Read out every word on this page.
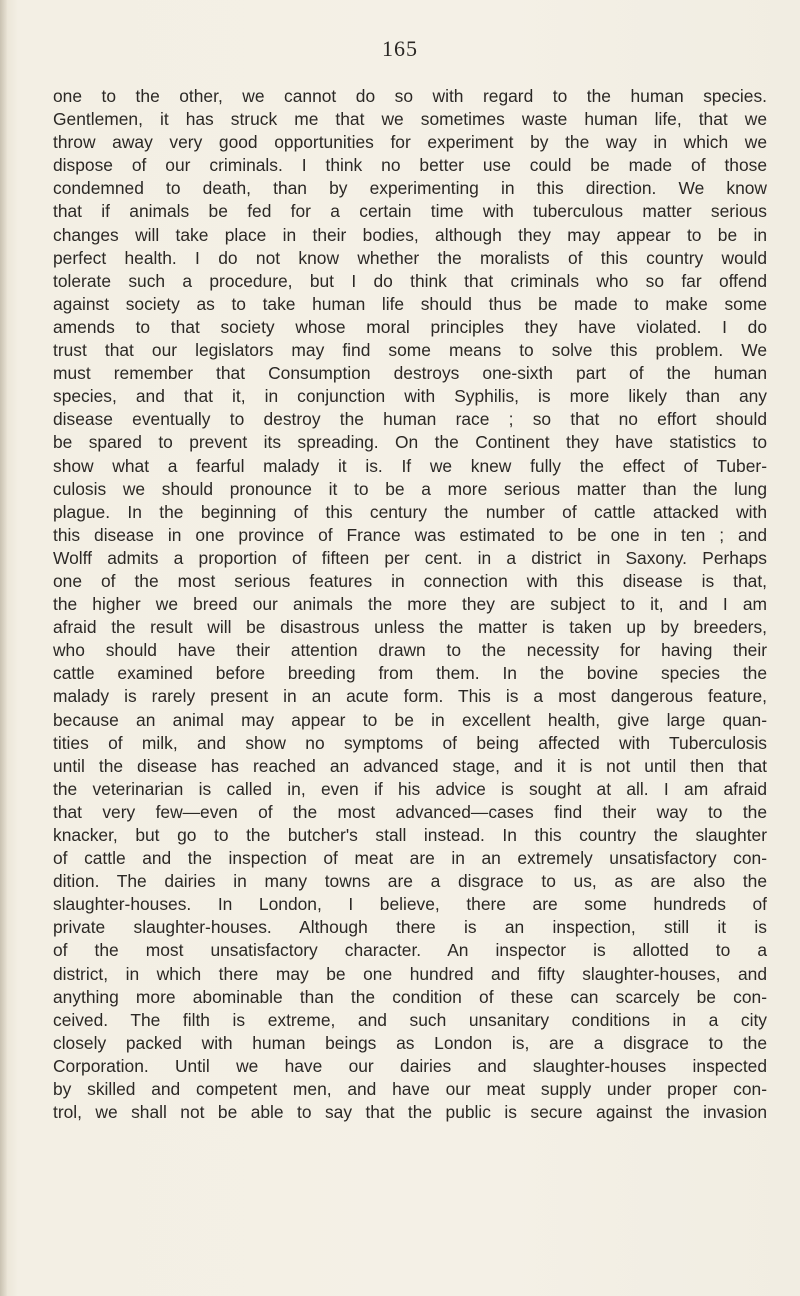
165
one to the other, we cannot do so with regard to the human species.
Gentlemen, it has struck me that we sometimes waste human life, that we
throw away very good opportunities for experiment by the way in which we
dispose of our criminals. I think no better use could be made of those
condemned to death, than by experimenting in this direction. We know
that if animals be fed for a certain time with tuberculous matter serious
changes will take place in their bodies, although they may appear to be in
perfect health. I do not know whether the moralists of this country would
tolerate such a procedure, but I do think that criminals who so far offend
against society as to take human life should thus be made to make some
amends to that society whose moral principles they have violated. I do
trust that our legislators may find some means to solve this problem. We
must remember that Consumption destroys one-sixth part of the human
species, and that it, in conjunction with Syphilis, is more likely than any
disease eventually to destroy the human race ; so that no effort should
be spared to prevent its spreading. On the Continent they have statistics to
show what a fearful malady it is. If we knew fully the effect of Tuber-
culosis we should pronounce it to be a more serious matter than the lung
plague. In the beginning of this century the number of cattle attacked with
this disease in one province of France was estimated to be one in ten ; and
Wolff admits a proportion of fifteen per cent. in a district in Saxony. Perhaps
one of the most serious features in connection with this disease is that,
the higher we breed our animals the more they are subject to it, and I am
afraid the result will be disastrous unless the matter is taken up by breeders,
who should have their attention drawn to the necessity for having their
cattle examined before breeding from them. In the bovine species the
malady is rarely present in an acute form. This is a most dangerous feature,
because an animal may appear to be in excellent health, give large quan-
tities of milk, and show no symptoms of being affected with Tuberculosis
until the disease has reached an advanced stage, and it is not until then that
the veterinarian is called in, even if his advice is sought at all. I am afraid
that very few—even of the most advanced—cases find their way to the
knacker, but go to the butcher's stall instead. In this country the slaughter
of cattle and the inspection of meat are in an extremely unsatisfactory con-
dition. The dairies in many towns are a disgrace to us, as are also the
slaughter-houses. In London, I believe, there are some hundreds of
private slaughter-houses. Although there is an inspection, still it is
of the most unsatisfactory character. An inspector is allotted to a
district, in which there may be one hundred and fifty slaughter-houses, and
anything more abominable than the condition of these can scarcely be con-
ceived. The filth is extreme, and such unsanitary conditions in a city
closely packed with human beings as London is, are a disgrace to the
Corporation. Until we have our dairies and slaughter-houses inspected
by skilled and competent men, and have our meat supply under proper con-
trol, we shall not be able to say that the public is secure against the invasion
